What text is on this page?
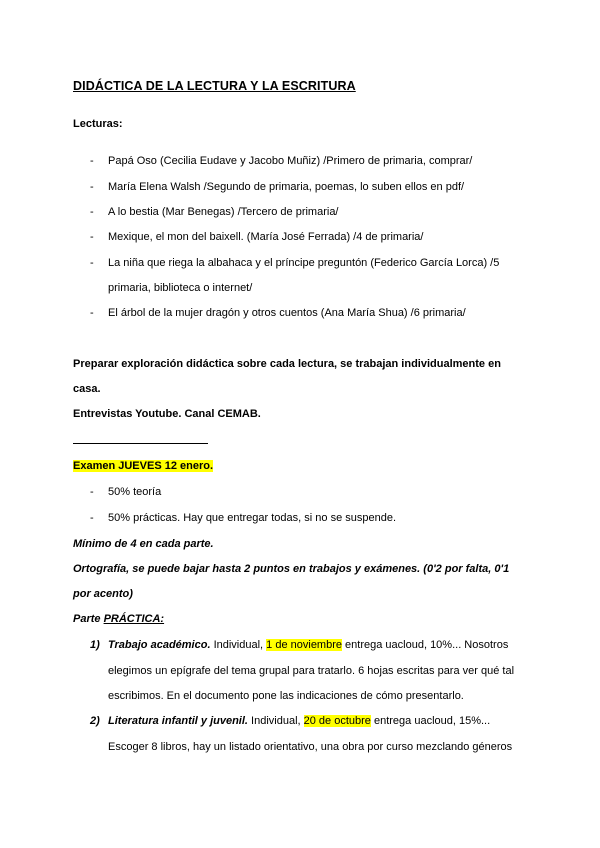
DIDÁCTICA DE LA LECTURA Y LA ESCRITURA
Lecturas:
- Papá Oso (Cecilia Eudave y Jacobo Muñiz) /Primero de primaria, comprar/
- María Elena Walsh /Segundo de primaria, poemas, lo suben ellos en pdf/
- A lo bestia (Mar Benegas) /Tercero de primaria/
- Mexique, el mon del baixell. (María José Ferrada) /4 de primaria/
- La niña que riega la albahaca y el príncipe preguntón (Federico García Lorca) /5
primaria, biblioteca o internet/
- El árbol de la mujer dragón y otros cuentos (Ana María Shua) /6 primaria/
Preparar exploración didáctica sobre cada lectura, se trabajan individualmente en
casa.
Entrevistas Youtube. Canal CEMAB.
Examen JUEVES 12 enero.
- 50% teoría
- 50% prácticas. Hay que entregar todas, si no se suspende.
Mínimo de 4 en cada parte.
Ortografía, se puede bajar hasta 2 puntos en trabajos y exámenes. (0'2 por falta, 0'1
por acento)
Parte PRÁCTICA:
1) Trabajo académico. Individual, 1 de noviembre entrega uacloud, 10%... Nosotros
elegimos un epígrafe del tema grupal para tratarlo. 6 hojas escritas para ver qué tal
escribimos. En el documento pone las indicaciones de cómo presentarlo.
2) Literatura infantil y juvenil. Individual, 20 de octubre entrega uacloud, 15%...
Escoger 8 libros, hay un listado orientativo, una obra por curso mezclando géneros
